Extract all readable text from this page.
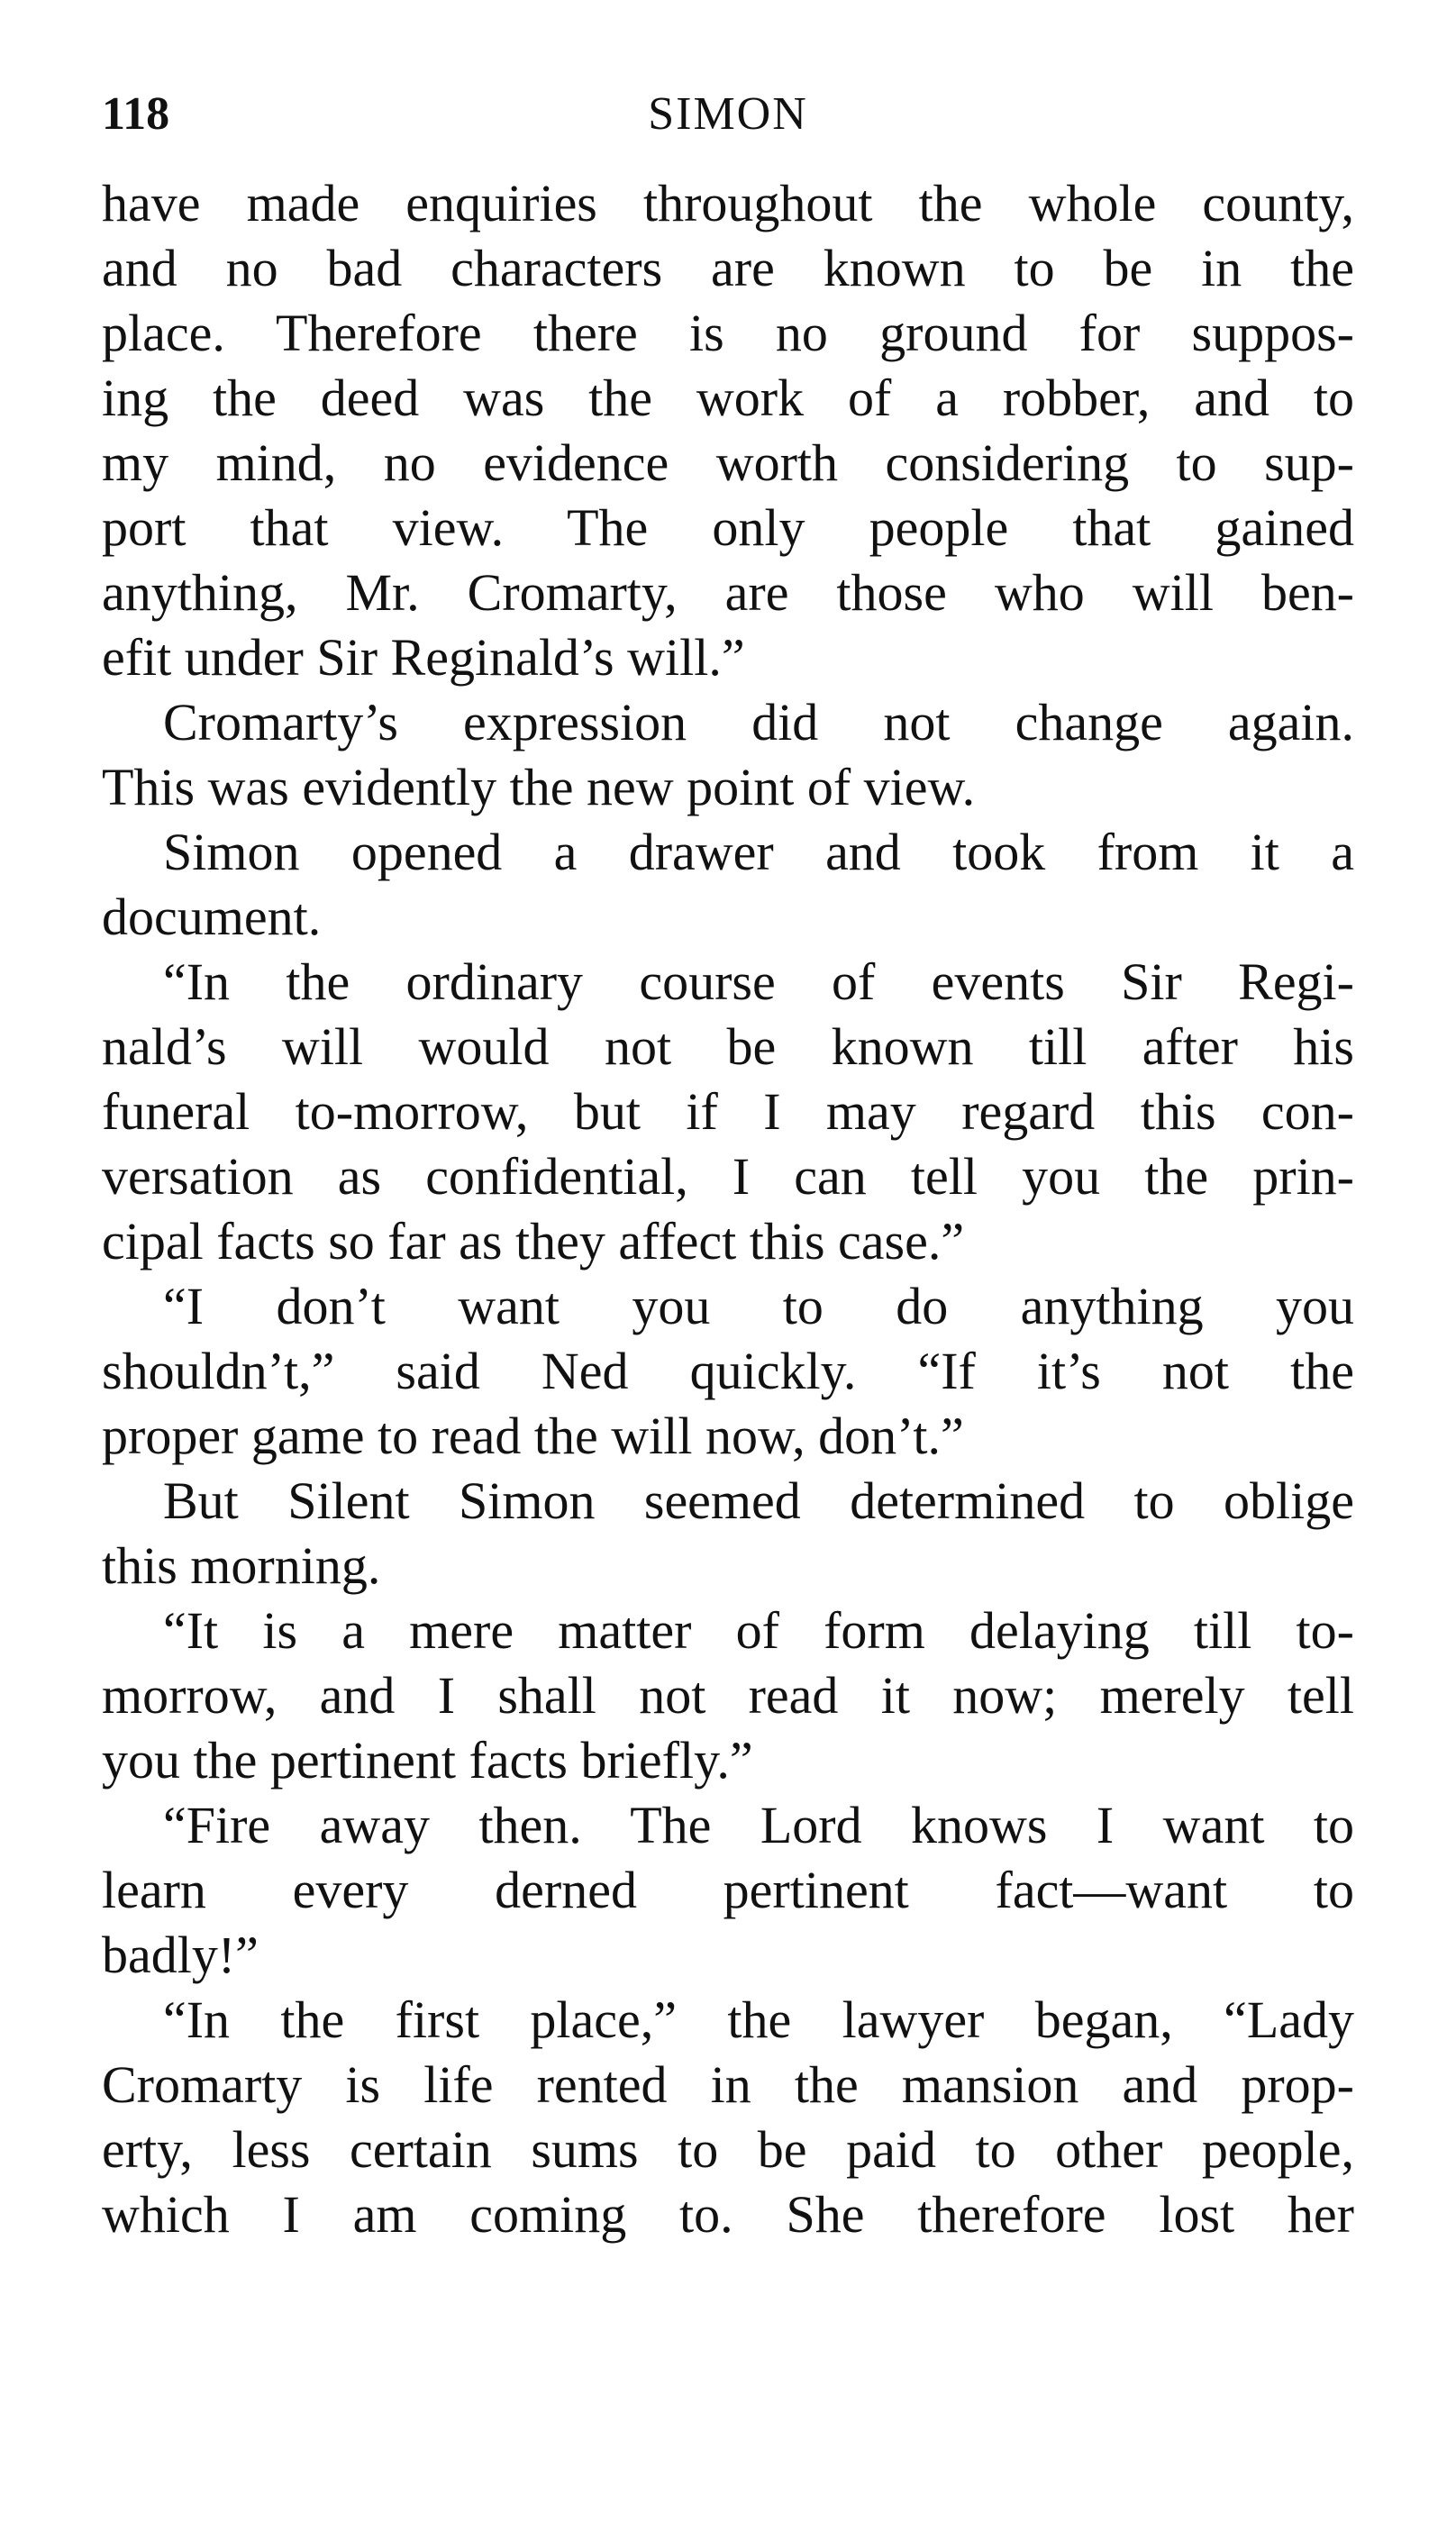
118	SIMON
have made enquiries throughout the whole county,
and no bad characters are known to be in the
place. Therefore there is no ground for suppos-
ing the deed was the work of a robber, and to
my mind, no evidence worth considering to sup-
port that view. The only people that gained
anything, Mr. Cromarty, are those who will ben-
efit under Sir Reginald’s will.”
Cromarty’s expression did not change again.
This was evidently the new point of view.
Simon opened a drawer and took from it a
document.
“In the ordinary course of events Sir Regi-
nald’s will would not be known till after his
funeral to-morrow, but if I may regard this con-
versation as confidential, I can tell you the prin-
cipal facts so far as they affect this case.”
“I don’t want you to do anything you
shouldn’t,” said Ned quickly. “If it’s not the
proper game to read the will now, don’t.”
But Silent Simon seemed determined to oblige
this morning.
“It is a mere matter of form delaying till to-
morrow, and I shall not read it now; merely tell
you the pertinent facts briefly.”
“Fire away then. The Lord knows I want to
learn every derned pertinent fact—want to
badly!”
“In the first place,” the lawyer began, “Lady
Cromarty is life rented in the mansion and prop-
erty, less certain sums to be paid to other people,
which I am coming to. She therefore lost her
